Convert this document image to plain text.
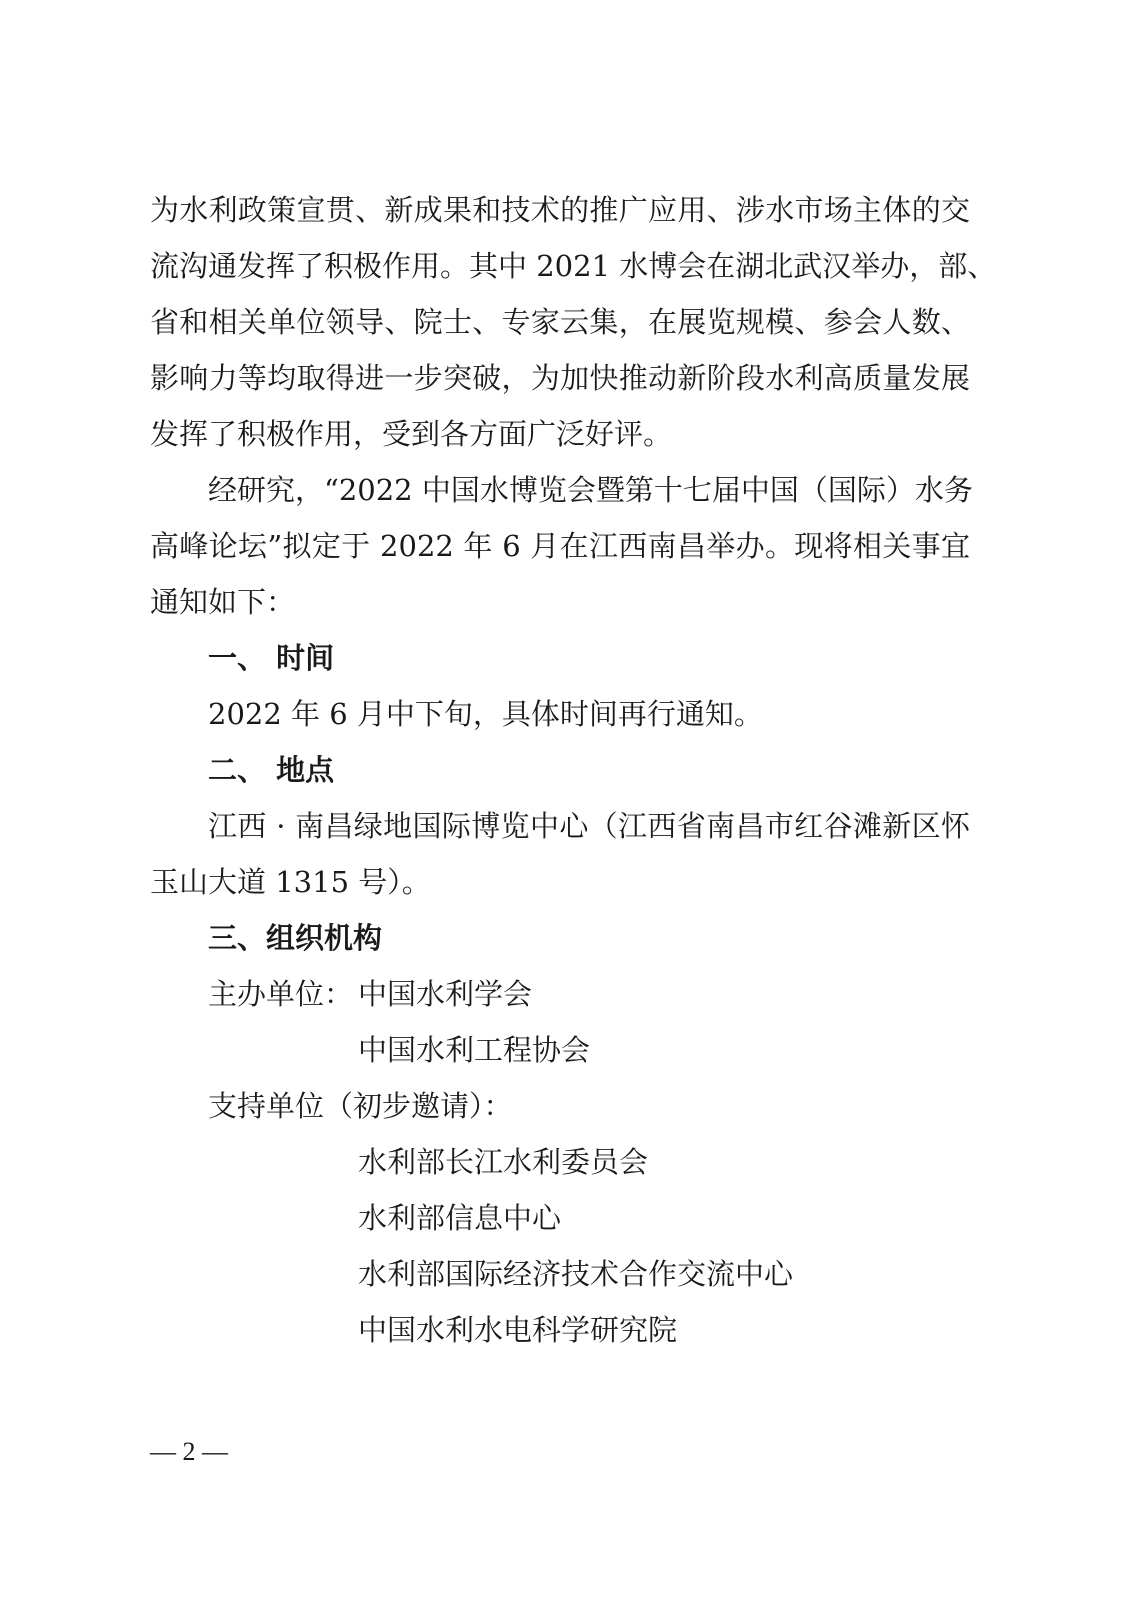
为水利政策宣贯、新成果和技术的推广应用、涉水市场主体的交
流沟通发挥了积极作用。其中 2021 水博会在湖北武汉举办，部、
省和相关单位领导、院士、专家云集，在展览规模、参会人数、
影响力等均取得进一步突破，为加快推动新阶段水利高质量发展
发挥了积极作用，受到各方面广泛好评。
经研究，“2022 中国水博览会暨第十七届中国（国际）水务
高峰论坛”拟定于 2022 年 6 月在江西南昌举办。现将相关事宜
通知如下：
一、 时间
2022 年 6 月中下旬，具体时间再行通知。
二、 地点
江西 · 南昌绿地国际博览中心（江西省南昌市红谷滩新区怀
玉山大道 1315 号）。
三、组织机构
主办单位： 中国水利学会
中国水利工程协会
支持单位（初步邀请）：
水利部长江水利委员会
水利部信息中心
水利部国际经济技术合作交流中心
中国水利水电科学研究院
— 2 —
